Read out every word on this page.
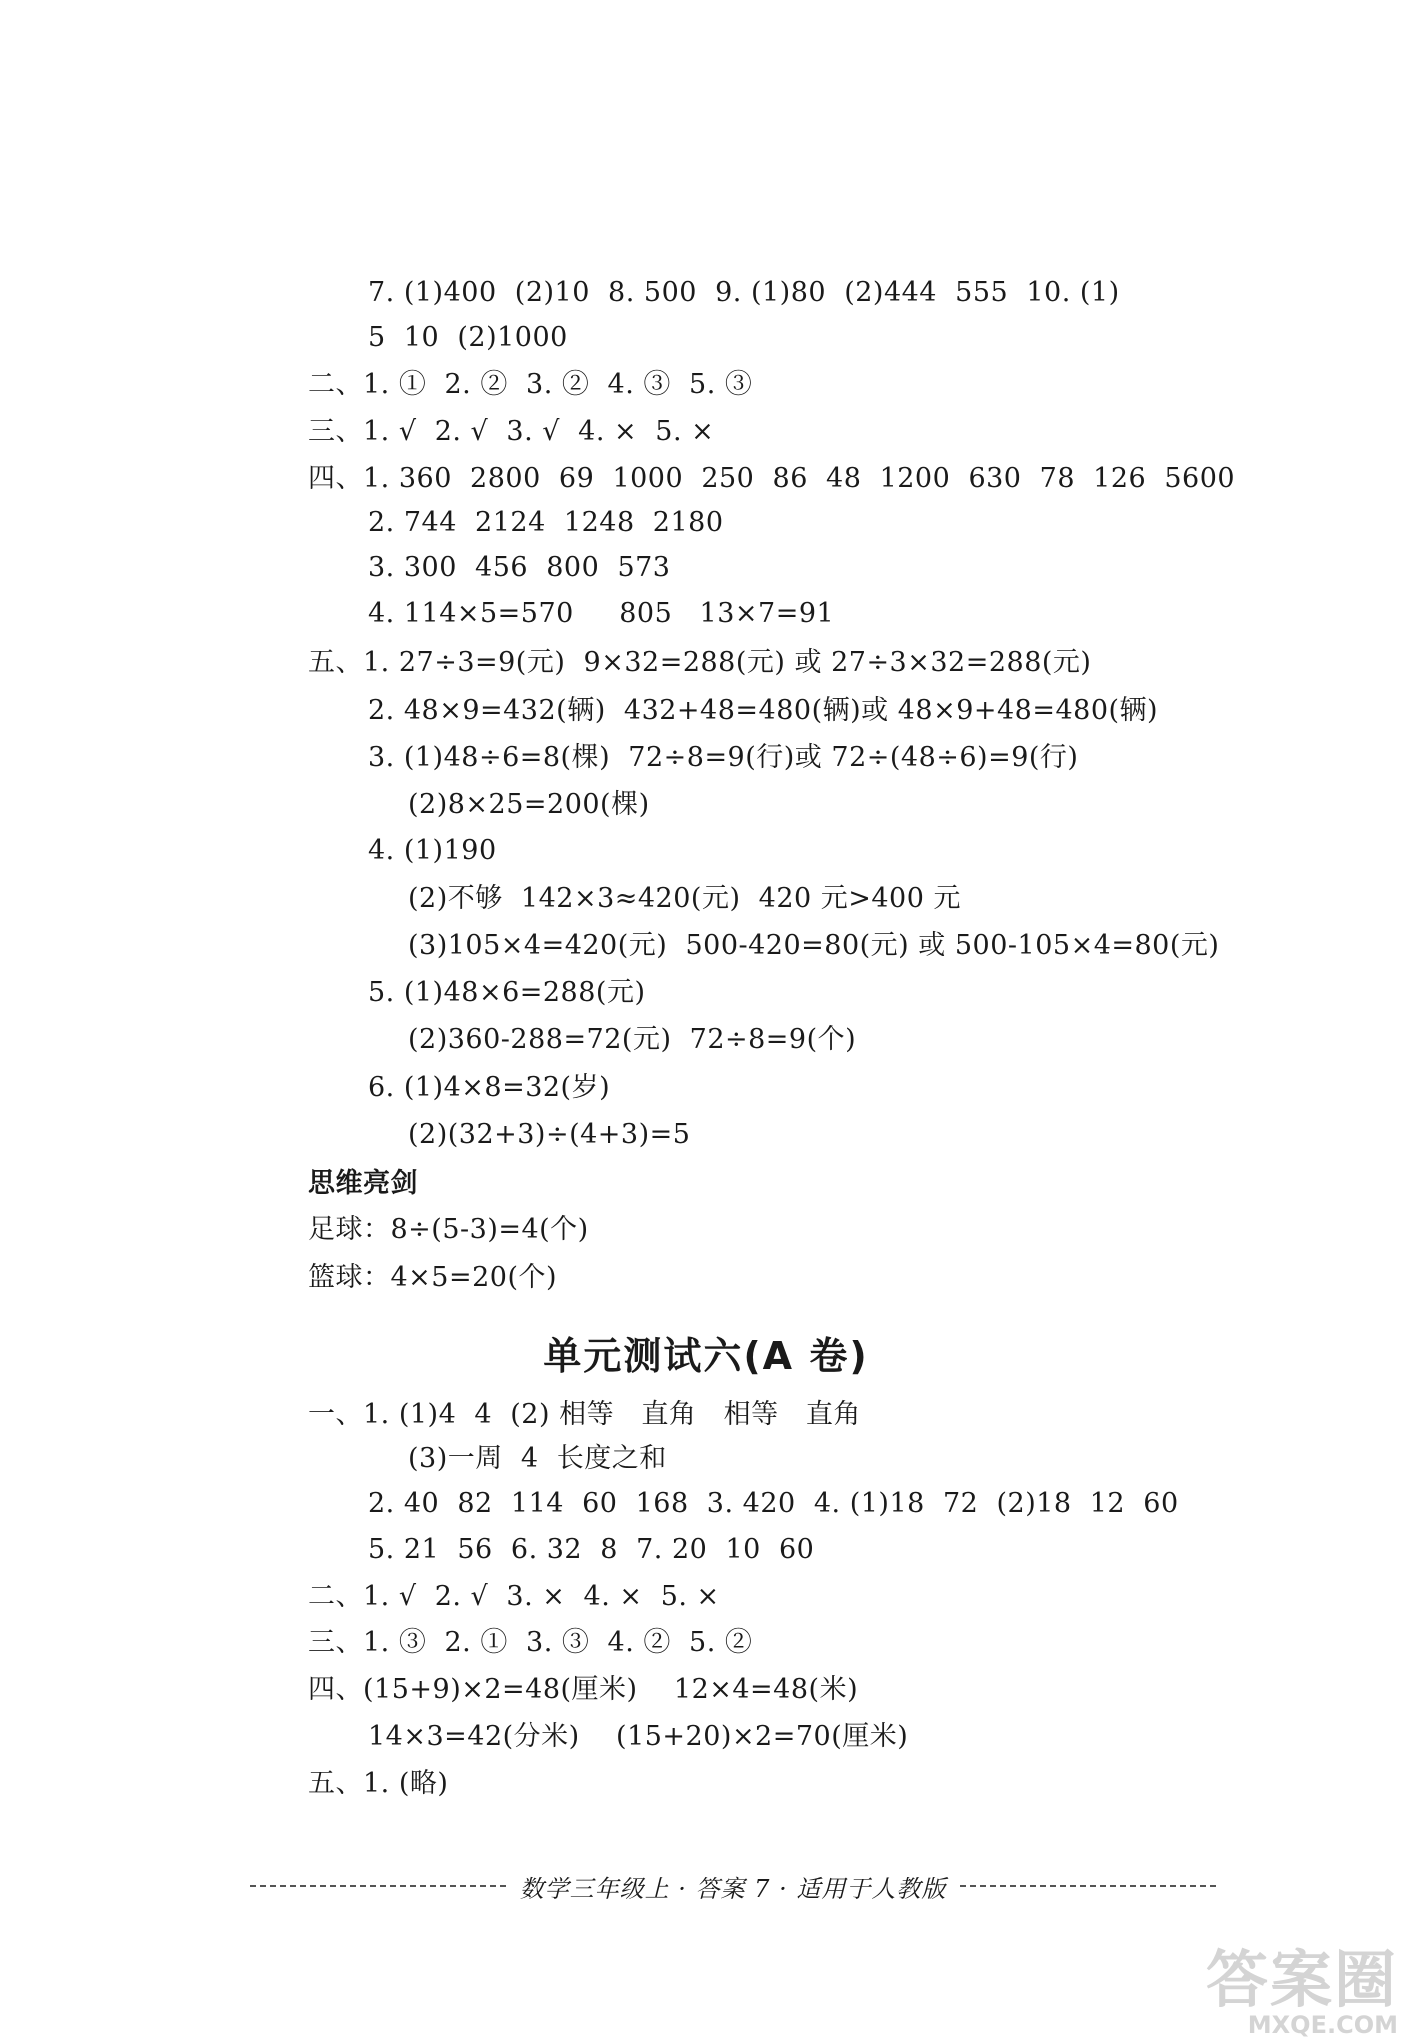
7. (1)400  (2)10  8. 500  9. (1)80  (2)444  555  10. (1)
5  10  (2)1000
二、1. ①  2. ②  3. ②  4. ③  5. ③
三、1. √  2. √  3. √  4. ×  5. ×
四、1. 360  2800  69  1000  250  86  48  1200  630  78  126  5600
2. 744  2124  1248  2180
3. 300  456  800  573
4. 114×5=570     805   13×7=91
五、1. 27÷3=9(元)  9×32=288(元) 或 27÷3×32=288(元)
2. 48×9=432(辆)  432+48=480(辆)或 48×9+48=480(辆)
3. (1)48÷6=8(棵)  72÷8=9(行)或 72÷(48÷6)=9(行)
(2)8×25=200(棵)
4. (1)190
(2)不够  142×3≈420(元)  420 元>400 元
(3)105×4=420(元)  500-420=80(元) 或 500-105×4=80(元)
5. (1)48×6=288(元)
(2)360-288=72(元)  72÷8=9(个)
6. (1)4×8=32(岁)
(2)(32+3)÷(4+3)=5
思维亮剑
足球：8÷(5-3)=4(个)
篮球：4×5=20(个)
单元测试六(A 卷)
一、1. (1)4  4  (2) 相等   直角   相等   直角
(3)一周  4  长度之和
2. 40  82  114  60  168  3. 420  4. (1)18  72  (2)18  12  60
5. 21  56  6. 32  8  7. 20  10  60
二、1. √  2. √  3. ×  4. ×  5. ×
三、1. ③  2. ①  3. ③  4. ②  5. ②
四、(15+9)×2=48(厘米)    12×4=48(米)
14×3=42(分米)    (15+20)×2=70(厘米)
五、1. (略)
数学三年级上 · 答案 7 · 适用于人教版
答案圈
MXQE.COM
